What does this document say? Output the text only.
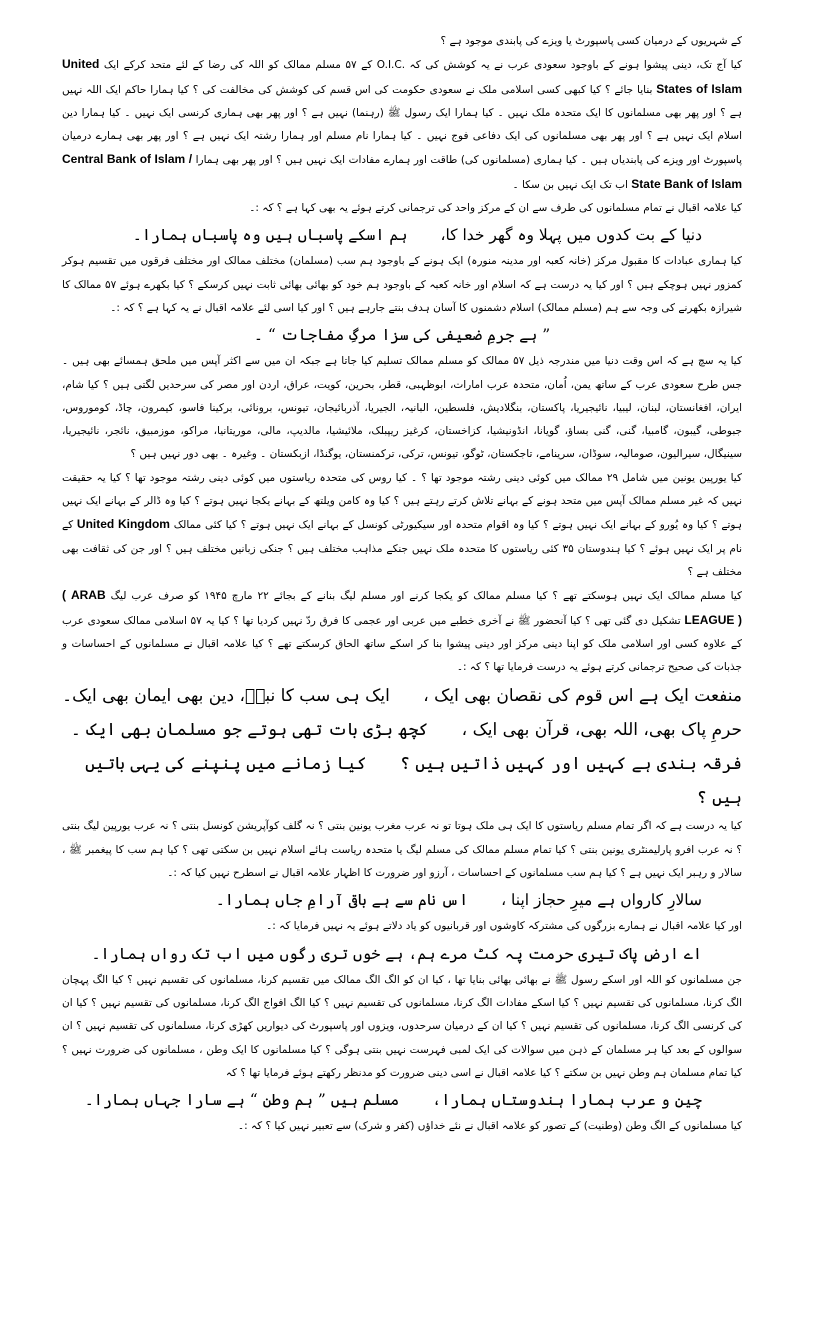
کے شہریوں کے درمیان کسی پاسپورٹ یا ویزے کی پابندی موجود ہے ؟
کیا آج تک، دینی پیشوا ہونے کے باوجود سعودی عرب نے یہ کوشش کی کہ .O.I.C کے ۵۷ مسلم ممالک کو اللہ کی رضا کے لئے متحد کرکے ایک United States of Islam بنایا جائے ؟ کیا کبھی کسی اسلامی ملک نے سعودی حکومت کی اس قسم کی کوشش کی مخالفت کی ؟ کیا ہمارا حاکم ایک اللہ نہیں ہے ؟ اور پھر بھی مسلمانوں کا ایک متحدہ ملک نہیں ۔ کیا ہمارا ایک رسول ﷺ (رہنما) نہیں ہے ؟ اور پھر بھی ہماری کرنسی ایک نہیں ۔ کیا ہمارا دین اسلام ایک نہیں ہے ؟ اور پھر بھی مسلمانوں کی ایک دفاعی فوج نہیں ۔ کیا ہمارا نام مسلم اور ہمارا رشتہ ایک نہیں ہے ؟ اور پھر بھی ہمارے درمیان پاسپورٹ اور ویزے کی پابندیاں ہیں ۔ کیا ہماری (مسلمانوں کی) طاقت اور ہمارے مفادات ایک نہیں ہیں ؟ اور پھر بھی ہمارا Central Bank of Islam / State Bank of Islam اب تک ایک نہیں بن سکا ۔

کیا علامہ اقبال نے تمام مسلمانوں کی طرف سے ان کے مرکز واحد کی ترجمانی کرتے ہوئے یہ بھی کہا ہے ؟ کہ :۔

دنیا کے بت کدوں میں پہلا وہ گھر خدا کا، ہم اسکے پاسباں ہیں وہ پاسباں ہمارا۔

کیا ہماری عبادات کا مقبول مرکز (خانہ کعبہ اور مدینہ منورہ) ایک ہونے کے باوجود ہم سب (مسلمان) مختلف ممالک اور مختلف فرقوں میں تقسیم ہوکر کمزور نہیں ہوچکے ہیں ؟ اور کیا یہ درست ہے کہ اسلام اور خانہ کعبہ کے باوجود ہم خود کو بھائی بھائی ثابت نہیں کرسکے ؟ کیا بکھرے ہوئے ۵۷ ممالک کا شیرازہ بکھرنے کی وجہ سے ہم (مسلم ممالک) اسلام دشمنوں کا آسان ہدف بنتے جارہے ہیں ؟ اور کیا اسی لئے علامہ اقبال نے یہ کہا ہے ؟ کہ :۔

” ہے جرمِ ضعیفی کی سزا مرگِ مفاجات “ ۔

کیا یہ سچ ہے کہ اس وقت دنیا میں مندرجہ ذیل ۵۷ ممالک کو مسلم ممالک تسلیم کیا جاتا ہے جبکہ ان میں سے اکثر آپس میں ملحق ہمسائے بھی ہیں ۔ جس طرح سعودی عرب کے ساتھ یمن، اُمان، متحدہ عرب امارات، ابوظہبی، قطر، بحرین، کویت، عراق، اردن اور مصر کی سرحدیں لگتی ہیں ؟ کیا شام، ایران، افغانستان، لبنان، لیبیا، نائیجیریا، پاکستان، بنگلادیش، فلسطین، البانیہ، الجیریا، آذربائیجان، تیونس، برونائی، برکینا فاسو، کیمرون، چاڈ، کوموروس، جبوطی، گیبون، گامبیا، گنی، گنی بساؤ، گویانا، انڈونیشیا، کزاخستان، کرغیز ریپبلک، ملائیشیا، مالدیپ، مالی، موریتانیا، مراکو، موزمبیق، نائجر، نائیجیریا، سینیگال، سیرالیون، صومالیہ، سوڈان، سرینامے، تاجکستان، ٹوگو، تیونس، ترکی، ترکمنستان، یوگنڈا، ازبکستان ۔ وغیرہ ۔ بھی دور نہیں ہیں ؟

کیا یورپین یونین میں شامل ۲۹ ممالک میں کوئی دینی رشتہ موجود تھا ؟ ۔ کیا روس کی متحدہ ریاستوں میں کوئی دینی رشتہ موجود تھا ؟ کیا یہ حقیقت نہیں کہ غیر مسلم ممالک آپس میں متحد ہونے کے بہانے تلاش کرتے رہتے ہیں ؟ کیا وہ کامن ویلتھ کے بہانے یکجا نہیں ہوتے ؟ کیا وہ ڈالر کے بہانے ایک نہیں ہوتے ؟ کیا وہ یُورو کے بہانے ایک نہیں ہوتے ؟ کیا وہ اقوام متحدہ اور سیکیورٹی کونسل کے بہانے ایک نہیں ہوتے ؟ کیا کئی ممالک United Kingdom کے نام پر ایک نہیں ہوئے ؟ کیا ہندوستان ۳۵ کئی ریاستوں کا متحدہ ملک نہیں جنکے مذاہب مختلف ہیں ؟ جنکی زبانیں مختلف ہیں ؟ اور جن کی ثقافت بھی مختلف ہے ؟

کیا مسلم ممالک ایک نہیں ہوسکتے تھے ؟ کیا مسلم ممالک کو یکجا کرنے اور مسلم لیگ بنانے کے بجائے ۲۲ مارچ ۱۹۴۵ کو صرف عرب لیگ ( ARAB LEAGUE ) تشکیل دی گئی تھی ؟ کیا آنحضور ﷺ نے آخری خطبے میں عربی اور عجمی کا فرق ردّ نہیں کردیا تھا ؟ کیا یہ ۵۷ اسلامی ممالک سعودی عرب کے علاوہ کسی اور اسلامی ملک کو اپنا دینی مرکز اور دینی پیشوا بنا کر اسکے ساتھ الحاق کرسکتے تھے ؟ کیا علامہ اقبال نے مسلمانوں کے احساسات و جذبات کی صحیح ترجمانی کرتے ہوئے یہ درست فرمایا تھا ؟ کہ :۔

منفعت ایک ہے اس قوم کی نقصان بھی ایک ، ایک ہی سب کا نبیؐ، دین بھی ایمان بھی ایک۔

حرمِ پاک بھی، اللہ بھی، قرآن بھی ایک ، کچھ بڑی بات تھی ہوتے جو مسلمان بھی ایک ۔

فرقہ بندی ہے کہیں اور کہیں ذاتیں ہیں ؟ کیا زمانے میں پنپنے کی یہی باتیں ہیں ؟

کیا یہ درست ہے کہ اگر تمام مسلم ریاستوں کا ایک ہی ملک ہوتا تو نہ عرب مغرب یونین بنتی ؟ نہ گلف کوآپریشن کونسل بنتی ؟ نہ عرب یورپین لیگ بنتی ؟ نہ عرب افرو پارلیمنٹری یونین بنتی ؟ کیا تمام مسلم ممالک کی مسلم لیگ یا متحدہ ریاست ہائے اسلام نہیں بن سکتی تھی ؟ کیا ہم سب کا پیغمبر ﷺ ، سالار و رہبر ایک نہیں ہے ؟ کیا ہم سب مسلمانوں کے احساسات ، آرزو اور ضرورت کا اظہار علامہ اقبال نے اسطرح نہیں کیا کہ :۔

سالارِ کارواں ہے میرِ حجاز اپنا ، اس نام سے ہے باقی آرامِ جاں ہمارا۔

اور کیا علامہ اقبال نے ہمارے بزرگوں کی مشترکہ کاوشوں اور قربانیوں کو یاد دلاتے ہوئے یہ نہیں فرمایا کہ :۔

اے ارضِ پاک تیری حرمت پہ کٹ مرے ہم، ہے خوں تری رگوں میں اب تک رواں ہمارا۔

جن مسلمانوں کو اللہ اور اسکے رسول ﷺ نے بھائی بھائی بنایا تھا ، کیا ان کو الگ الگ ممالک میں تقسیم کرنا، مسلمانوں کی تقسیم نہیں ؟ کیا الگ پہچان الگ کرنا، مسلمانوں کی تقسیم نہیں ؟ کیا اسکے مفادات الگ کرنا، مسلمانوں کی تقسیم نہیں ؟ کیا الگ افواج الگ کرنا، مسلمانوں کی تقسیم نہیں ؟ کیا ان کی کرنسی الگ کرنا، مسلمانوں کی تقسیم نہیں ؟ کیا ان کے درمیان سرحدوں، ویزوں اور پاسپورٹ کی دیواریں کھڑی کرنا، مسلمانوں کی تقسیم نہیں ؟ ان سوالوں کے بعد کیا ہر مسلمان کے ذہن میں سوالات کی ایک لمبی فہرست نہیں بنتی ہوگی ؟ کیا مسلمانوں کا ایک وطن ، مسلمانوں کی ضرورت نہیں ؟ کیا تمام مسلمان ہم وطن نہیں بن سکتے ؟ کیا علامہ اقبال نے اسی دینی ضرورت کو مدنظر رکھتے ہوئے فرمایا تھا ؟ کہ

چین و عرب ہمارا ہندوستاں ہمارا، مسلم ہیں ” ہم وطن “ ہے سارا جہاں ہمارا۔

کیا مسلمانوں کے الگ وطن (وطنیت) کے تصور کو علامہ اقبال نے نئے خداؤں (کفر و شرک) سے تعبیر نہیں کیا ؟ کہ :۔
